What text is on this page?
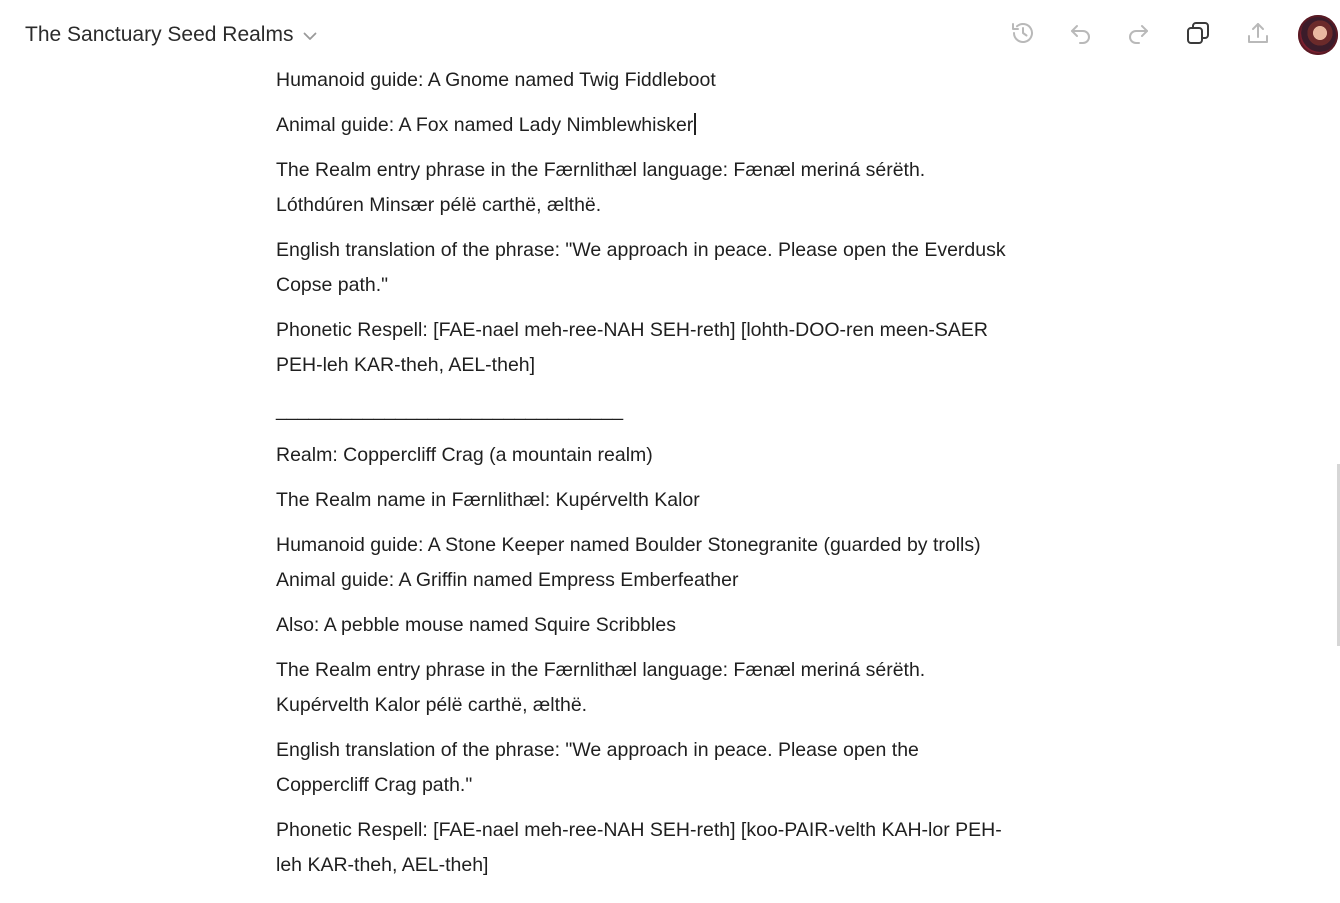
The Sanctuary Seed Realms

Humanoid guide: A Gnome named Twig Fiddleboot

Animal guide: A Fox named Lady Nimblewhisker

The Realm entry phrase in the Færnlithæl language: Fænæl meriná sérëth. Lóthdúren Minsær pélë carthë, ælthë.

English translation of the phrase: "We approach in peace. Please open the Everdusk Copse path."

Phonetic Respell: [FAE-nael meh-ree-NAH SEH-reth] [lohth-DOO-ren meen-SAER PEH-leh KAR-theh, AEL-theh]

________________________________

Realm: Coppercliff Crag (a mountain realm)

The Realm name in Færnlithæl: Kupérvelth Kalor

Humanoid guide: A Stone Keeper named Boulder Stonegranite (guarded by trolls)

Animal guide: A Griffin named Empress Emberfeather

Also: A pebble mouse named Squire Scribbles

The Realm entry phrase in the Færnlithæl language: Fænæl meriná sérëth. Kupérvelth Kalor pélë carthë, ælthë.

English translation of the phrase: "We approach in peace. Please open the Coppercliff Crag path."

Phonetic Respell: [FAE-nael meh-ree-NAH SEH-reth] [koo-PAIR-velth KAH-lor PEH-leh KAR-theh, AEL-theh]
